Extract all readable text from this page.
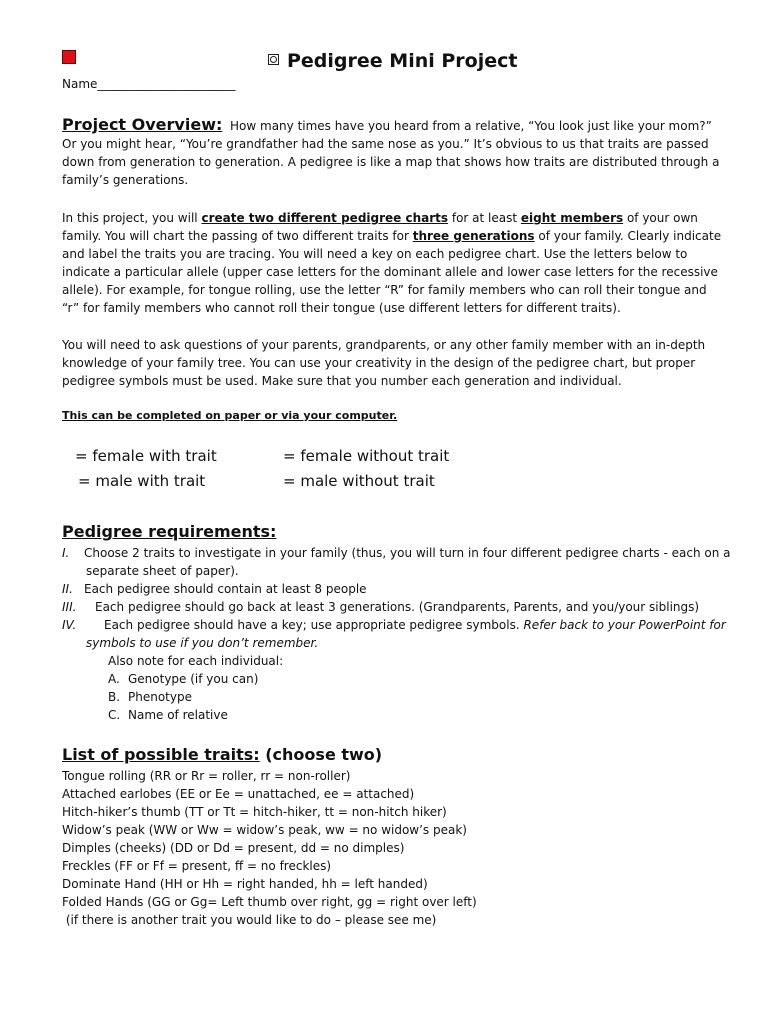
Pedigree Mini Project
Name_______________________

Project Overview: How many times have you heard from a relative, “You look just like your mom?” Or you might hear, “You’re grandfather had the same nose as you.” It’s obvious to us that traits are passed down from generation to generation. A pedigree is like a map that shows how traits are distributed through a family’s generations.

In this project, you will create two different pedigree charts for at least eight members of your own family. You will chart the passing of two different traits for three generations of your family. Clearly indicate and label the traits you are tracing. You will need a key on each pedigree chart. Use the letters below to indicate a particular allele (upper case letters for the dominant allele and lower case letters for the recessive allele). For example, for tongue rolling, use the letter “R” for family members who can roll their tongue and “r” for family members who cannot roll their tongue (use different letters for different traits).

You will need to ask questions of your parents, grandparents, or any other family member with an in-depth knowledge of your family tree. You can use your creativity in the design of the pedigree chart, but proper pedigree symbols must be used. Make sure that you number each generation and individual.

This can be completed on paper or via your computer.
= female with trait	= female without trait
= male with trait	= male without trait
Pedigree requirements:
I. Choose 2 traits to investigate in your family (thus, you will turn in four different pedigree charts - each on a
separate sheet of paper).
II. Each pedigree should contain at least 8 people
III. Each pedigree should go back at least 3 generations. (Grandparents, Parents, and you/your siblings)
IV. Each pedigree should have a key; use appropriate pedigree symbols. Refer back to your PowerPoint for
symbols to use if you don’t remember.
Also note for each individual:
A. Genotype (if you can)
B. Phenotype
C. Name of relative
List of possible traits: (choose two)
Tongue rolling (RR or Rr = roller, rr = non-roller)
Attached earlobes (EE or Ee = unattached, ee = attached)
Hitch-hiker’s thumb (TT or Tt = hitch-hiker, tt = non-hitch hiker)
Widow’s peak (WW or Ww = widow’s peak, ww = no widow’s peak)
Dimples (cheeks) (DD or Dd = present, dd = no dimples)
Freckles (FF or Ff = present, ff = no freckles)
Dominate Hand (HH or Hh = right handed, hh = left handed)
Folded Hands (GG or Gg= Left thumb over right, gg = right over left)
(if there is another trait you would like to do – please see me)
